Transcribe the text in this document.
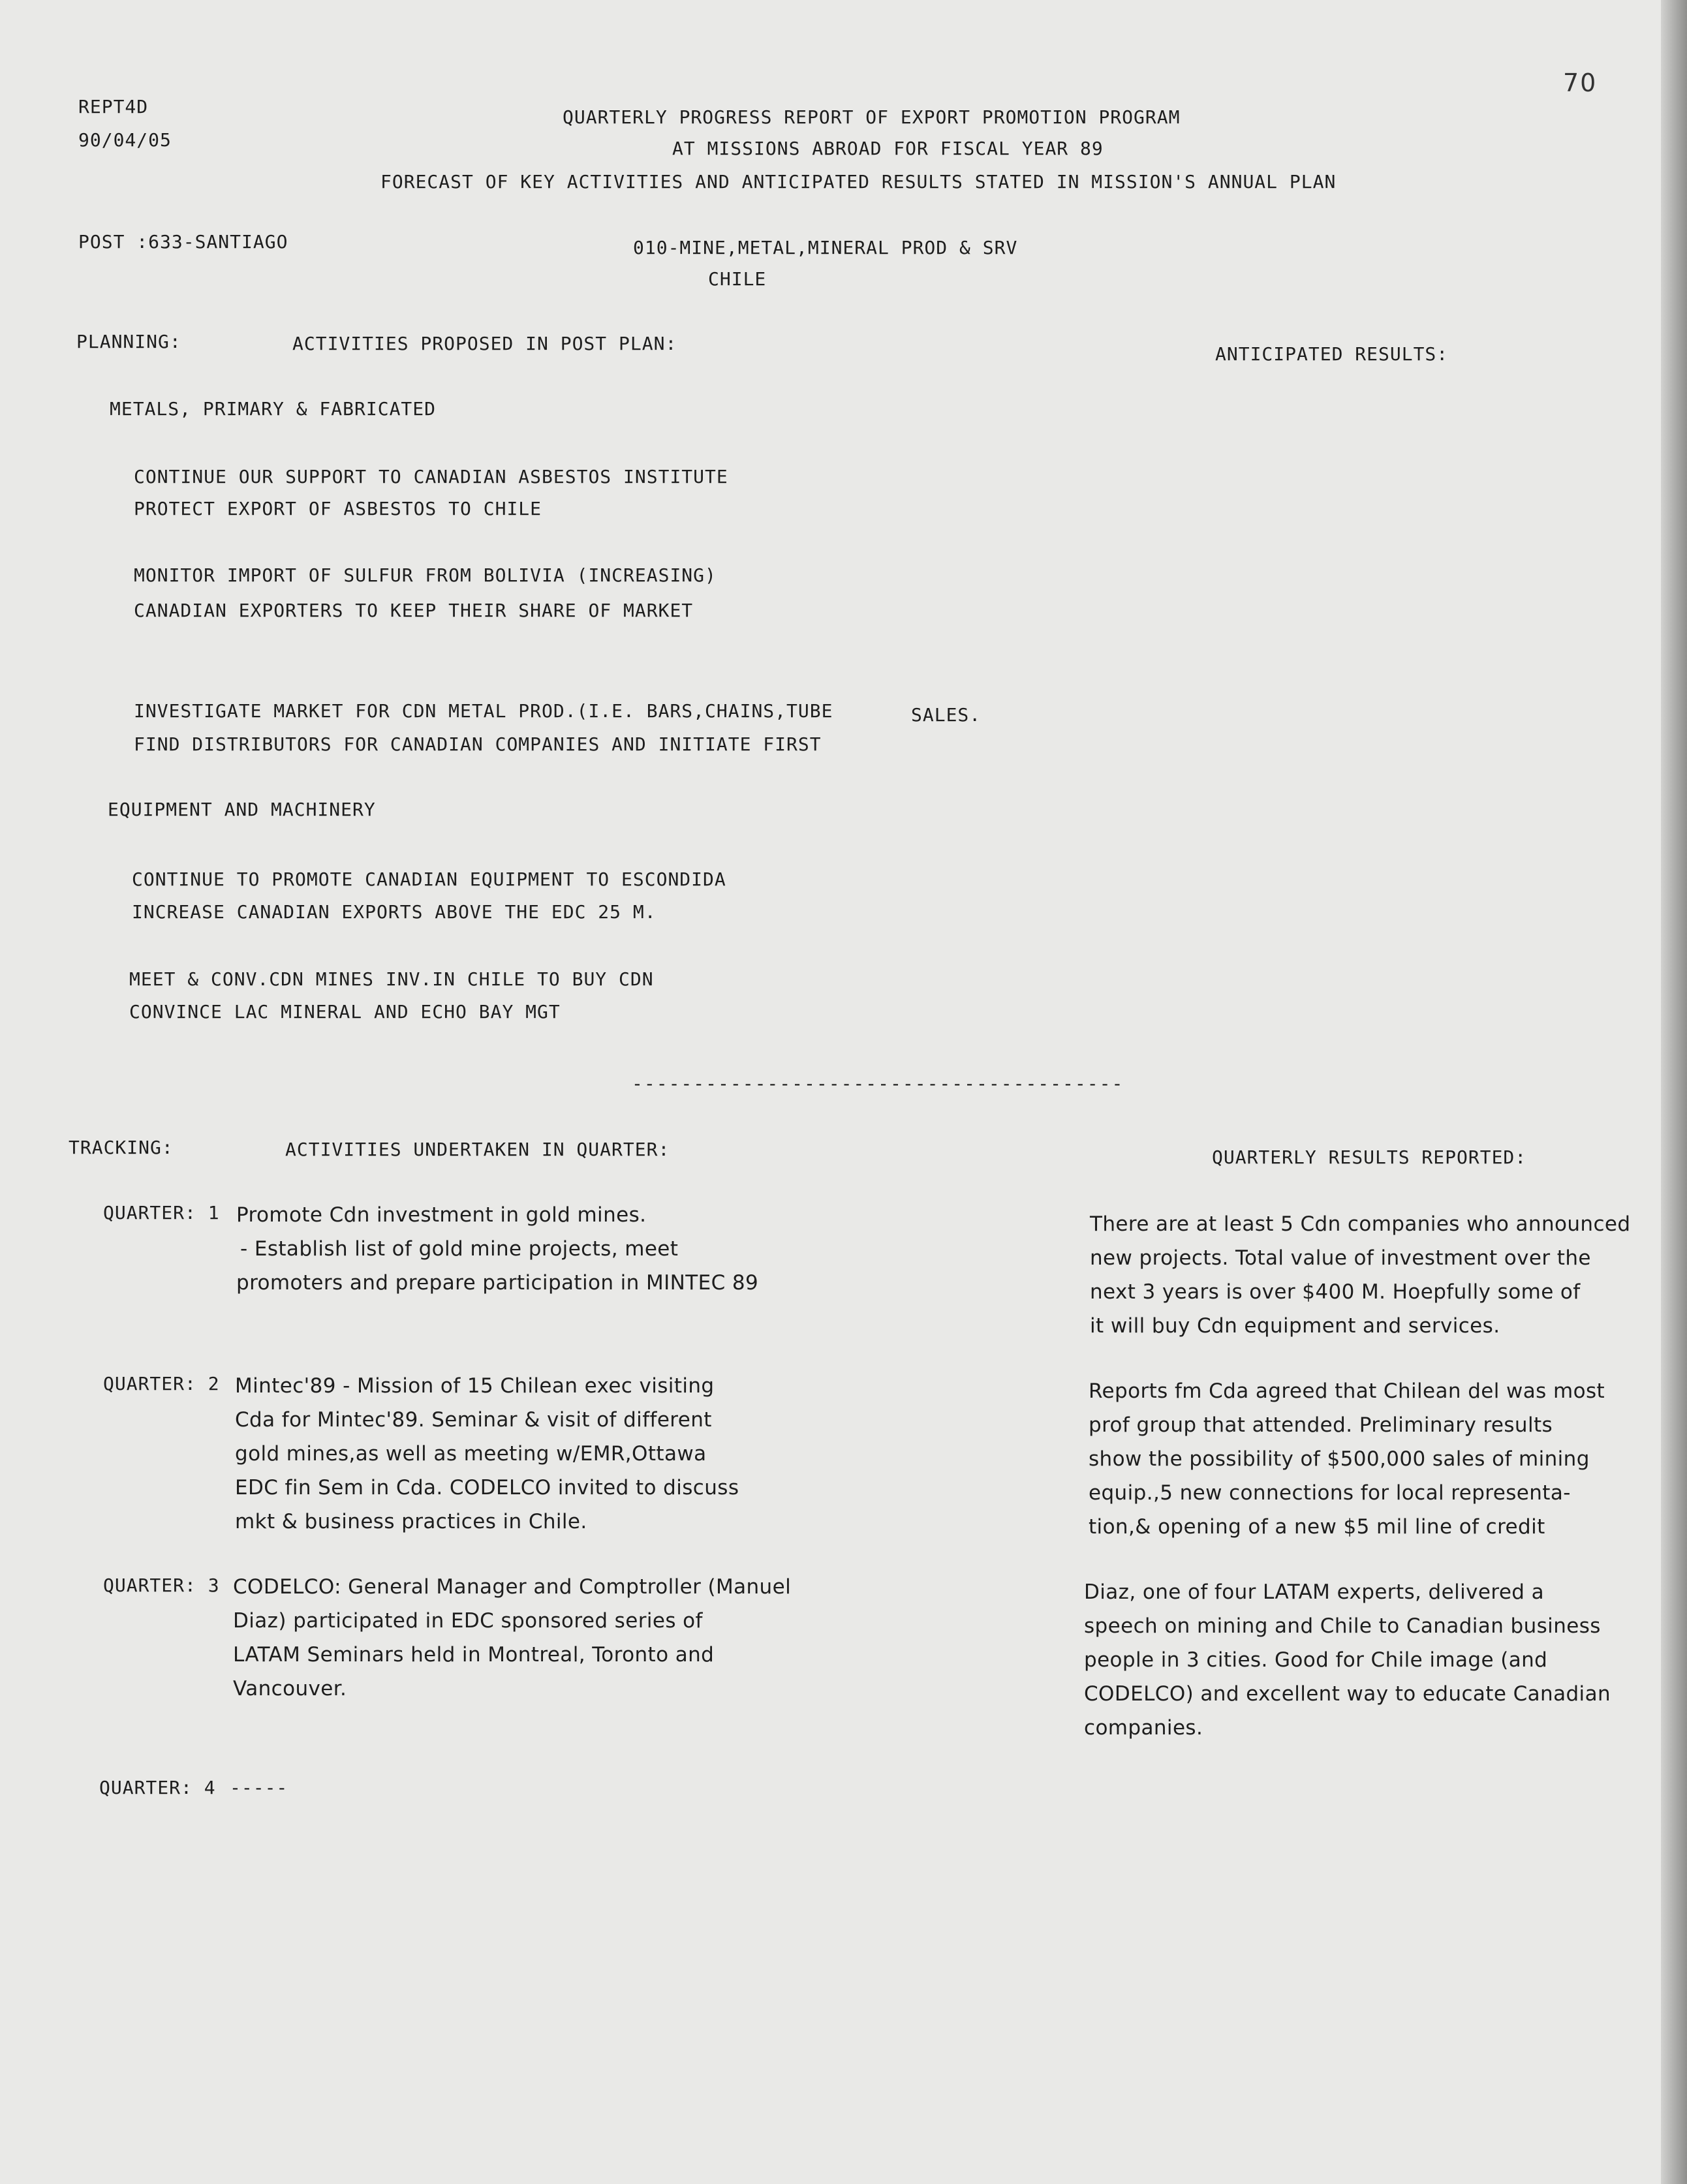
70
REPT4D
90/04/05
QUARTERLY PROGRESS REPORT OF EXPORT PROMOTION PROGRAM
AT MISSIONS ABROAD FOR FISCAL YEAR 89
FORECAST OF KEY ACTIVITIES AND ANTICIPATED RESULTS STATED IN MISSION'S ANNUAL PLAN
POST :633-SANTIAGO	010-MINE,METAL,MINERAL PROD & SRV
CHILE
PLANNING:	ACTIVITIES PROPOSED IN POST PLAN:	ANTICIPATED RESULTS:
METALS, PRIMARY & FABRICATED
CONTINUE OUR SUPPORT TO CANADIAN ASBESTOS INSTITUTE
PROTECT EXPORT OF ASBESTOS TO CHILE
MONITOR IMPORT OF SULFUR FROM BOLIVIA (INCREASING)
CANADIAN EXPORTERS TO KEEP THEIR SHARE OF MARKET
INVESTIGATE MARKET FOR CDN METAL PROD.(I.E. BARS,CHAINS,TUBE	SALES.
FIND DISTRIBUTORS FOR CANADIAN COMPANIES AND INITIATE FIRST
EQUIPMENT AND MACHINERY
CONTINUE TO PROMOTE CANADIAN EQUIPMENT TO ESCONDIDA
INCREASE CANADIAN EXPORTS ABOVE THE EDC 25 M.
MEET & CONV.CDN MINES INV.IN CHILE TO BUY CDN
CONVINCE LAC MINERAL AND ECHO BAY MGT
----------------------------------------
TRACKING:	ACTIVITIES UNDERTAKEN IN QUARTER:	QUARTERLY RESULTS REPORTED:
QUARTER: 1 Promote Cdn investment in gold mines.
- Establish list of gold mine projects, meet
promoters and prepare participation in MINTEC 89
There are at least 5 Cdn companies who announced
new projects. Total value of investment over the
next 3 years is over $400 M. Hoepfully some of
it will buy Cdn equipment and services.
QUARTER: 2 Mintec'89 - Mission of 15 Chilean exec visiting
Cda for Mintec'89. Seminar & visit of different
gold mines,as well as meeting w/EMR,Ottawa
EDC fin Sem in Cda. CODELCO invited to discuss
mkt & business practices in Chile.
Reports fm Cda agreed that Chilean del was most
prof group that attended. Preliminary results
show the possibility of $500,000 sales of mining
equip.,5 new connections for local representa-
tion,& opening of a new $5 mil line of credit
QUARTER: 3 CODELCO: General Manager and Comptroller (Manuel
Diaz) participated in EDC sponsored series of
LATAM Seminars held in Montreal, Toronto and
Vancouver.
Diaz, one of four LATAM experts, delivered a
speech on mining and Chile to Canadian business
people in 3 cities. Good for Chile image (and
CODELCO) and excellent way to educate Canadian
companies.
QUARTER: 4 -----
